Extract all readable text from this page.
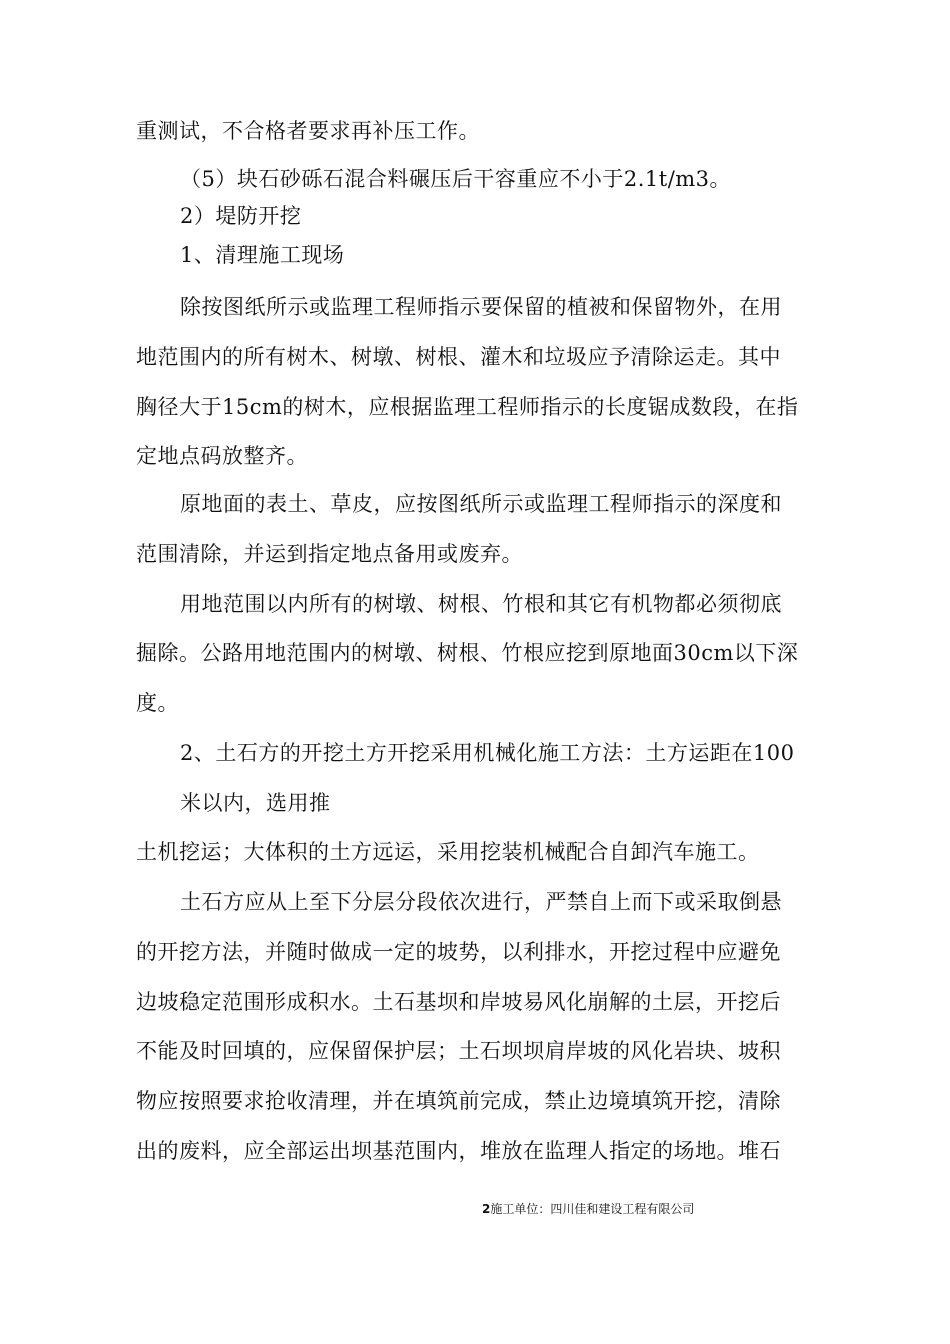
重测试，不合格者要求再补压工作。
（5）块石砂砾石混合料碾压后干容重应不小于2.1t/m3。
2）堤防开挖
1、清理施工现场
除按图纸所示或监理工程师指示要保留的植被和保留物外，在用
地范围内的所有树木、树墩、树根、灌木和垃圾应予清除运走。其中
胸径大于15cm的树木，应根据监理工程师指示的长度锯成数段，在指
定地点码放整齐。
原地面的表土、草皮，应按图纸所示或监理工程师指示的深度和
范围清除，并运到指定地点备用或废弃。
用地范围以内所有的树墩、树根、竹根和其它有机物都必须彻底
掘除。公路用地范围内的树墩、树根、竹根应挖到原地面30cm以下深
度。
2、土石方的开挖土方开挖采用机械化施工方法：土方运距在100
米以内，选用推
土机挖运；大体积的土方远运，采用挖装机械配合自卸汽车施工。
土石方应从上至下分层分段依次进行，严禁自上而下或采取倒悬
的开挖方法，并随时做成一定的坡势，以利排水，开挖过程中应避免
边坡稳定范围形成积水。土石基坝和岸坡易风化崩解的土层，开挖后
不能及时回填的，应保留保护层；土石坝坝肩岸坡的风化岩块、坡积
物应按照要求抢收清理，并在填筑前完成，禁止边境填筑开挖，清除
出的废料，应全部运出坝基范围内，堆放在监理人指定的场地。堆石
2施工单位：四川佳和建设工程有限公司
